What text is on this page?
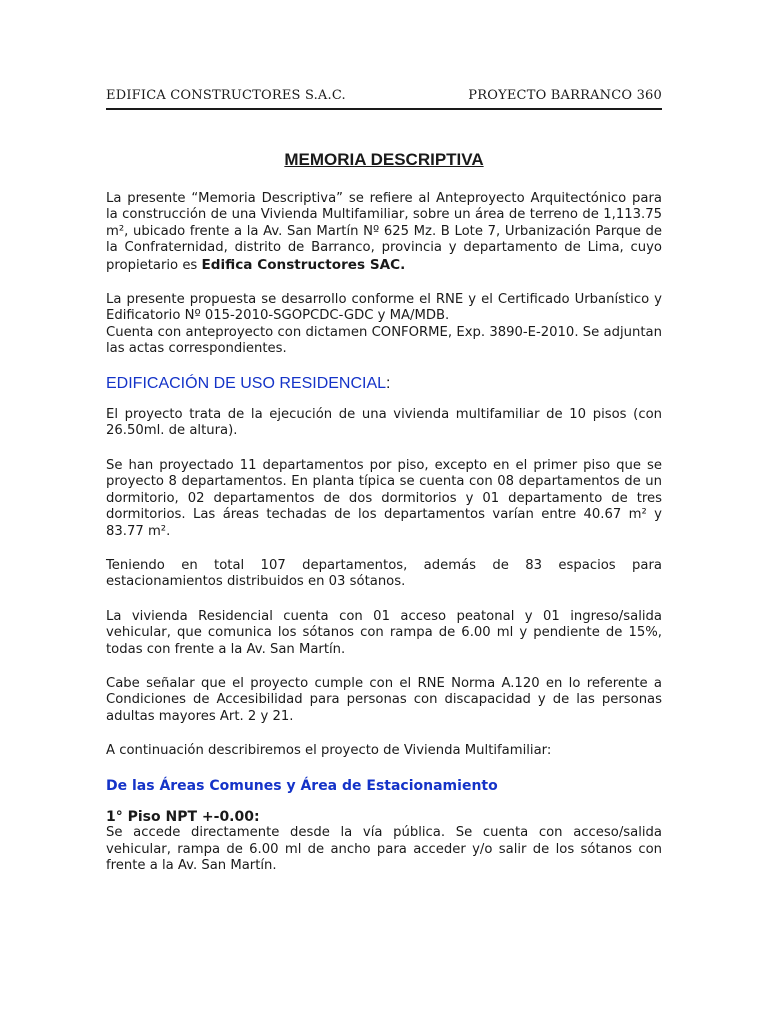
EDIFICA CONSTRUCTORES S.A.C.	PROYECTO BARRANCO 360
MEMORIA DESCRIPTIVA

La presente “Memoria Descriptiva” se refiere al Anteproyecto Arquitectónico para la construcción de una Vivienda Multifamiliar, sobre un área de terreno de 1,113.75 m², ubicado frente a la Av. San Martín Nº 625 Mz. B Lote 7, Urbanización Parque de la Confraternidad, distrito de Barranco, provincia y departamento de Lima, cuyo propietario es Edifica Constructores SAC.

La presente propuesta se desarrollo conforme el RNE y el Certificado Urbanístico y Edificatorio Nº 015-2010-SGOPCDC-GDC y MA/MDB.
Cuenta con anteproyecto con dictamen CONFORME, Exp. 3890-E-2010. Se adjuntan las actas correspondientes.

EDIFICACIÓN DE USO RESIDENCIAL:

El proyecto trata de la ejecución de una vivienda multifamiliar de 10 pisos (con 26.50ml. de altura).

Se han proyectado 11 departamentos por piso, excepto en el primer piso que se proyecto 8 departamentos. En planta típica se cuenta con 08 departamentos de un dormitorio, 02 departamentos de dos dormitorios y 01 departamento de tres dormitorios. Las áreas techadas de los departamentos varían entre 40.67 m² y 83.77 m².

Teniendo en total 107 departamentos, además de 83 espacios para estacionamientos distribuidos en 03 sótanos.

La vivienda Residencial cuenta con 01 acceso peatonal y 01 ingreso/salida vehicular, que comunica los sótanos con rampa de 6.00 ml y pendiente de 15%, todas con frente a la Av. San Martín.

Cabe señalar que el proyecto cumple con el RNE Norma A.120 en lo referente a Condiciones de Accesibilidad para personas con discapacidad y de las personas adultas mayores Art. 2 y 21.

A continuación describiremos el proyecto de Vivienda Multifamiliar:

De las Áreas Comunes y Área de Estacionamiento
1° Piso NPT +-0.00:

Se accede directamente desde la vía pública. Se cuenta con acceso/salida vehicular, rampa de 6.00 ml de ancho para acceder y/o salir de los sótanos con frente a la Av. San Martín.
